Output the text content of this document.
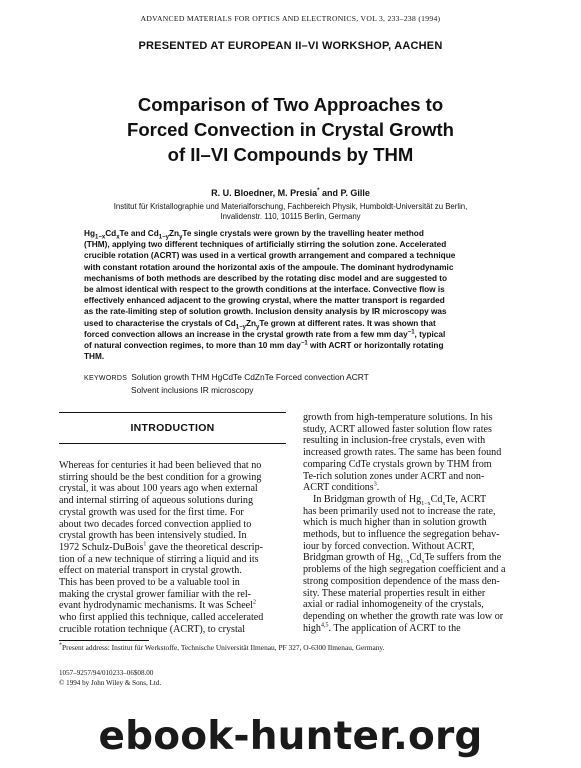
ADVANCED MATERIALS FOR OPTICS AND ELECTRONICS, VOL 3, 233–238 (1994)
PRESENTED AT EUROPEAN II–VI WORKSHOP, AACHEN
Comparison of Two Approaches to
Forced Convection in Crystal Growth
of II–VI Compounds by THM
R. U. Bloedner, M. Presia* and P. Gille
Institut für Kristallographie und Materialforschung, Fachbereich Physik, Humboldt-Universität zu Berlin,
Invalidenstr. 110, 10115 Berlin, Germany
$Hg_{1-x}Cd_xTe$ and $Cd_{1-y}Zn_yTe$ single crystals were grown by the travelling heater method
(THM), applying two different techniques of artificially stirring the solution zone. Accelerated
crucible rotation (ACRT) was used in a vertical growth arrangement and compared a technique
with constant rotation around the horizontal axis of the ampoule. The dominant hydrodynamic
mechanisms of both methods are described by the rotating disc model and are suggested to
be almost identical with respect to the growth conditions at the interface. Convective flow is
effectively enhanced adjacent to the growing crystal, where the matter transport is regarded
as the rate-limiting step of solution growth. Inclusion density analysis by IR microscopy was
used to characterise the crystals of $Cd_{1-y}Zn_yTe$ grown at different rates. It was shown that
forced convection allows an increase in the crystal growth rate from a few mm day$^{-1}$, typical
of natural convection regimes, to more than 10 mm day$^{-1}$ with ACRT or horizontally rotating
THM.
KEYWORDS Solution growth THM HgCdTe CdZnTe Forced convection ACRT
Solvent inclusions IR microscopy
INTRODUCTION
Whereas for centuries it had been believed that no
stirring should be the best condition for a growing
crystal, it was about 100 years ago when external
and internal stirring of aqueous solutions during
crystal growth was used for the first time. For
about two decades forced convection applied to
crystal growth has been intensively studied. In
1972 Schulz-DuBois$^1$ gave the theoretical descrip-
tion of a new technique of stirring a liquid and its
effect on material transport in crystal growth.
This has been proved to be a valuable tool in
making the crystal grower familiar with the rel-
evant hydrodynamic mechanisms. It was Scheel$^2$
who first applied this technique, called accelerated
crucible rotation technique (ACRT), to crystal
growth from high-temperature solutions. In his
study, ACRT allowed faster solution flow rates
resulting in inclusion-free crystals, even with
increased growth rates. The same has been found
comparing CdTe crystals grown by THM from
Te-rich solution zones under ACRT and non-
ACRT conditions$^3$.
In Bridgman growth of $Hg_{1-x}Cd_xTe$, ACRT
has been primarily used not to increase the rate,
which is much higher than in solution growth
methods, but to influence the segregation behav-
iour by forced convection. Without ACRT,
Bridgman growth of $Hg_{1-x}Cd_xTe$ suffers from the
problems of the high segregation coefficient and a
strong composition dependence of the mass den-
sity. These material properties result in either
axial or radial inhomogeneity of the crystals,
depending on whether the growth rate was low or
high$^{4,5}$. The application of ACRT to the
*Present address: Institut für Werkstoffe, Technische Universität Ilmenau, PF 327, O-6300 Ilmenau, Germany.
1057–9257/94/010233–06$08.00
© 1994 by John Wiley & Sons, Ltd.
ebook-hunter.org
